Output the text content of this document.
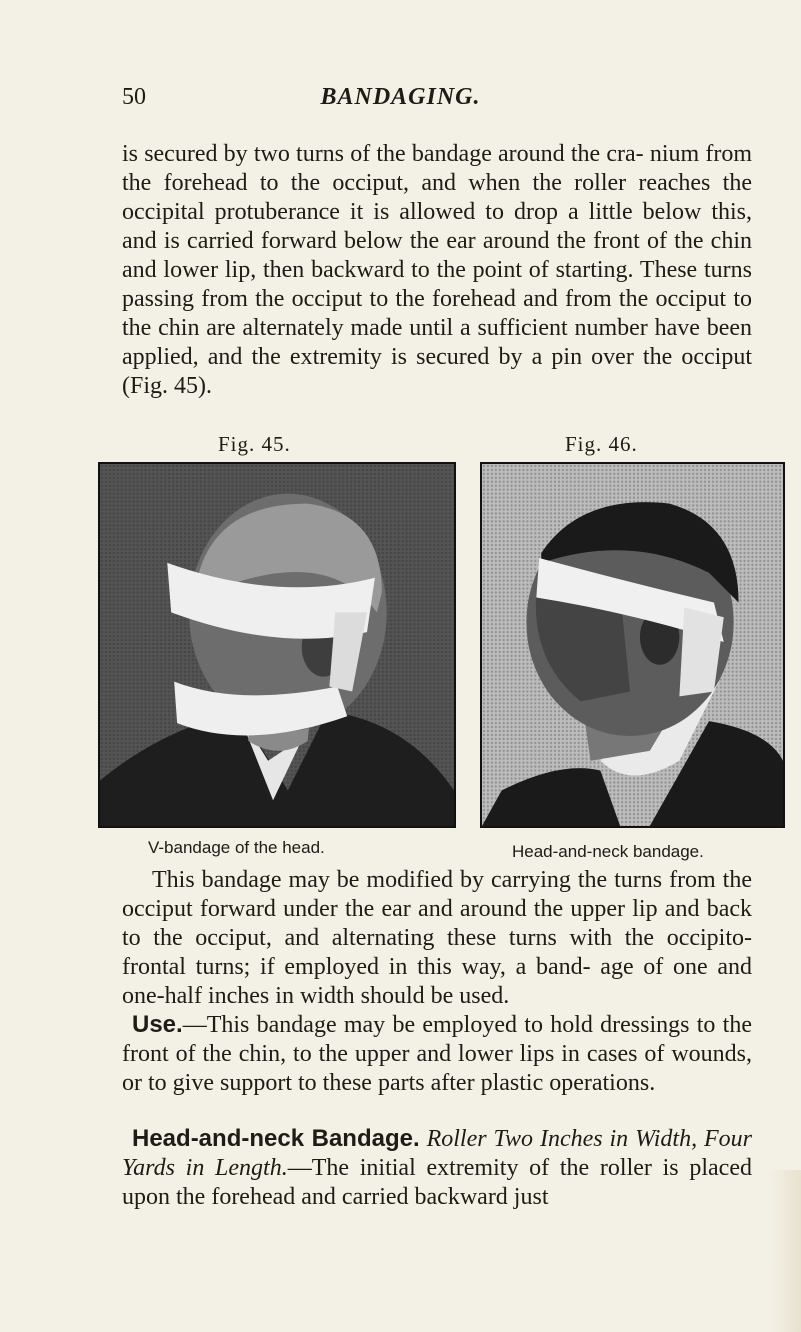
50	BANDAGING.

is secured by two turns of the bandage around the cra- nium from the forehead to the occiput, and when the roller reaches the occipital protuberance it is allowed to drop a little below this, and is carried forward below the ear around the front of the chin and lower lip, then backward to the point of starting. These turns passing from the occiput to the forehead and from the occiput to the chin are alternately made until a sufficient number have been applied, and the extremity is secured by a pin over the occiput (Fig. 45).

Fig. 45.	Fig. 46.
V-bandage of the head.	Head-and-neck bandage.

This bandage may be modified by carrying the turns from the occiput forward under the ear and around the upper lip and back to the occiput, and alternating these turns with the occipito-frontal turns; if employed in this way, a band- age of one and one-half inches in width should be used.

Use.—This bandage may be employed to hold dressings to the front of the chin, to the upper and lower lips in cases of wounds, or to give support to these parts after plastic operations.

Head-and-neck Bandage. Roller Two Inches in Width, Four Yards in Length.—The initial extremity of the roller is placed upon the forehead and carried backward just
